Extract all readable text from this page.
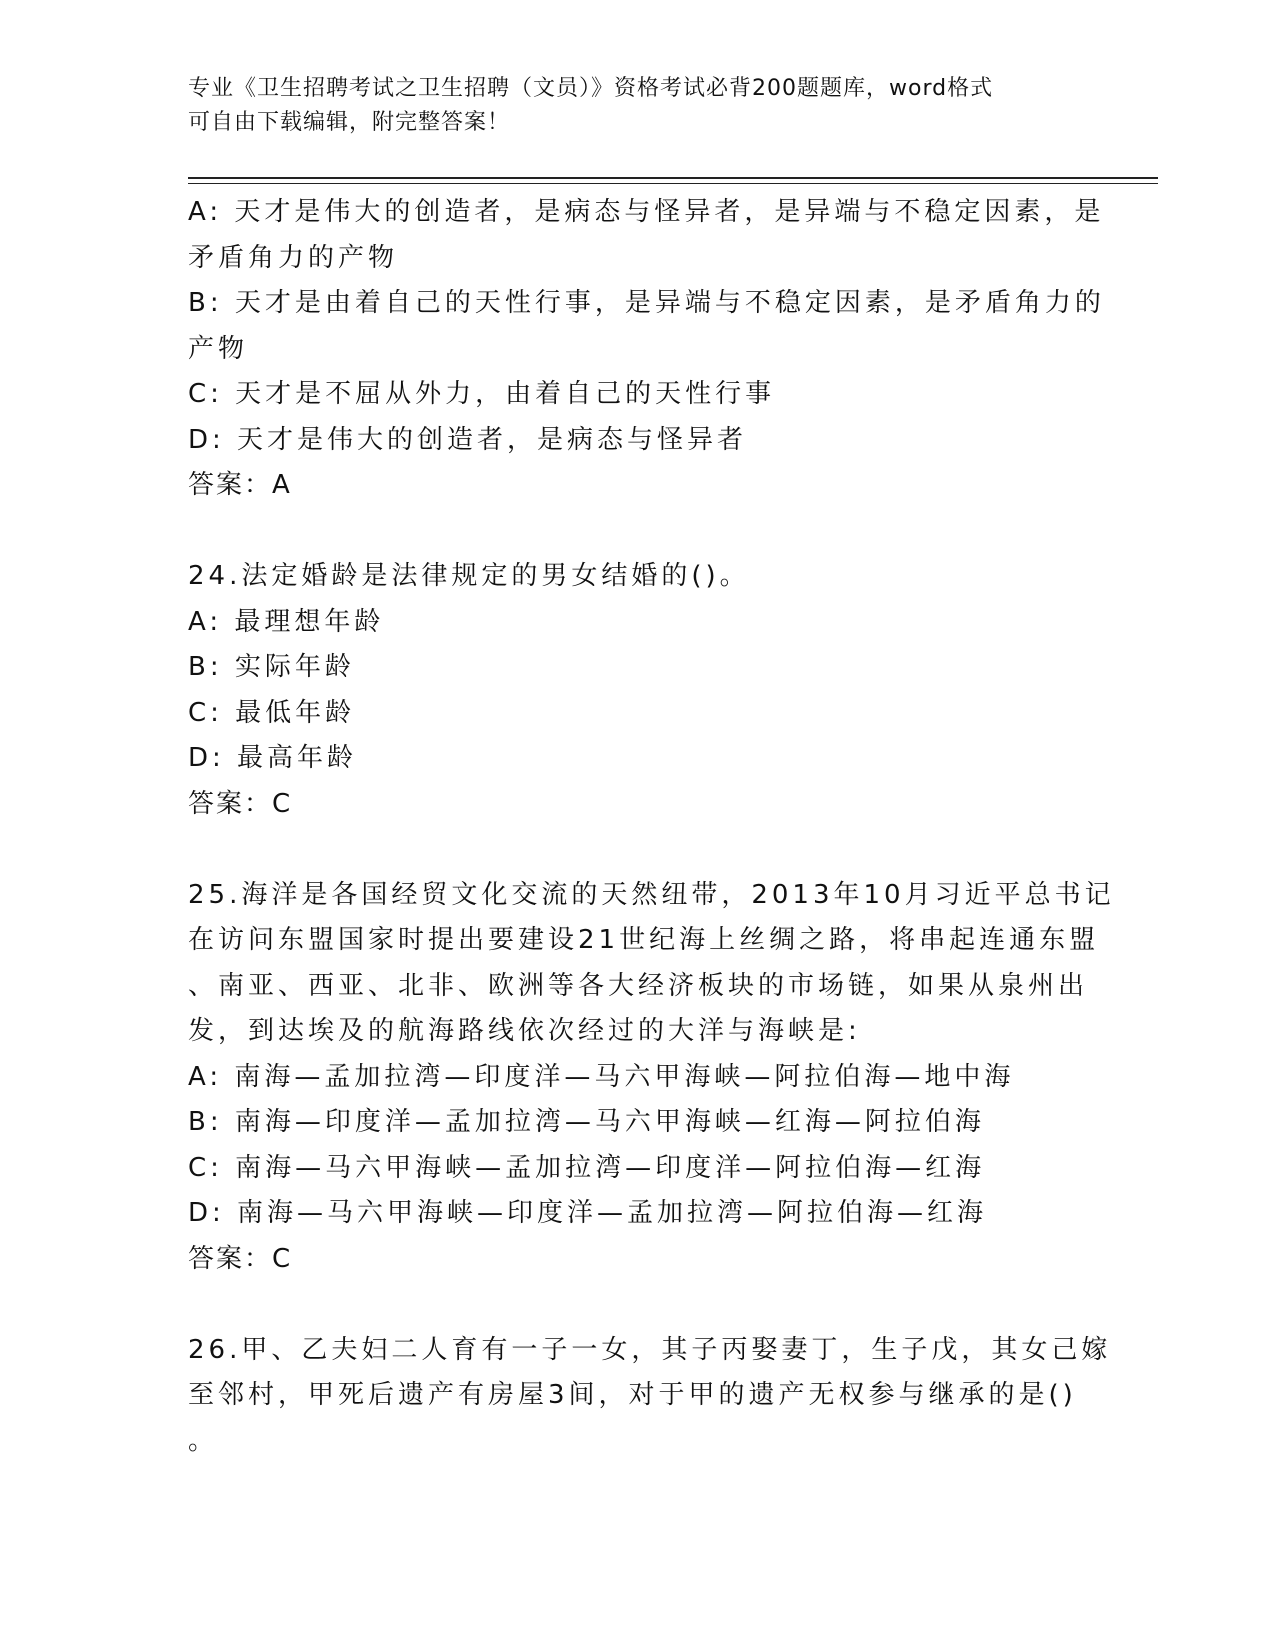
专业《卫生招聘考试之卫生招聘（文员）》资格考试必背200题题库，word格式
可自由下载编辑，附完整答案！
A: 天才是伟大的创造者，是病态与怪异者，是异端与不稳定因素，是
矛盾角力的产物
B: 天才是由着自己的天性行事，是异端与不稳定因素，是矛盾角力的
产物
C: 天才是不屈从外力，由着自己的天性行事
D: 天才是伟大的创造者，是病态与怪异者
答案：A
24.法定婚龄是法律规定的男女结婚的()。
A: 最理想年龄
B: 实际年龄
C: 最低年龄
D: 最高年龄
答案：C
25.海洋是各国经贸文化交流的天然纽带，2013年10月习近平总书记
在访问东盟国家时提出要建设21世纪海上丝绸之路，将串起连通东盟
、南亚、西亚、北非、欧洲等各大经济板块的市场链，如果从泉州出
发，到达埃及的航海路线依次经过的大洋与海峡是:
A: 南海—孟加拉湾—印度洋—马六甲海峡—阿拉伯海—地中海
B: 南海—印度洋—孟加拉湾—马六甲海峡—红海—阿拉伯海
C: 南海—马六甲海峡—孟加拉湾—印度洋—阿拉伯海—红海
D: 南海—马六甲海峡—印度洋—孟加拉湾—阿拉伯海—红海
答案：C
26.甲、乙夫妇二人育有一子一女，其子丙娶妻丁，生子戊，其女己嫁
至邻村，甲死后遗产有房屋3间，对于甲的遗产无权参与继承的是()
。
